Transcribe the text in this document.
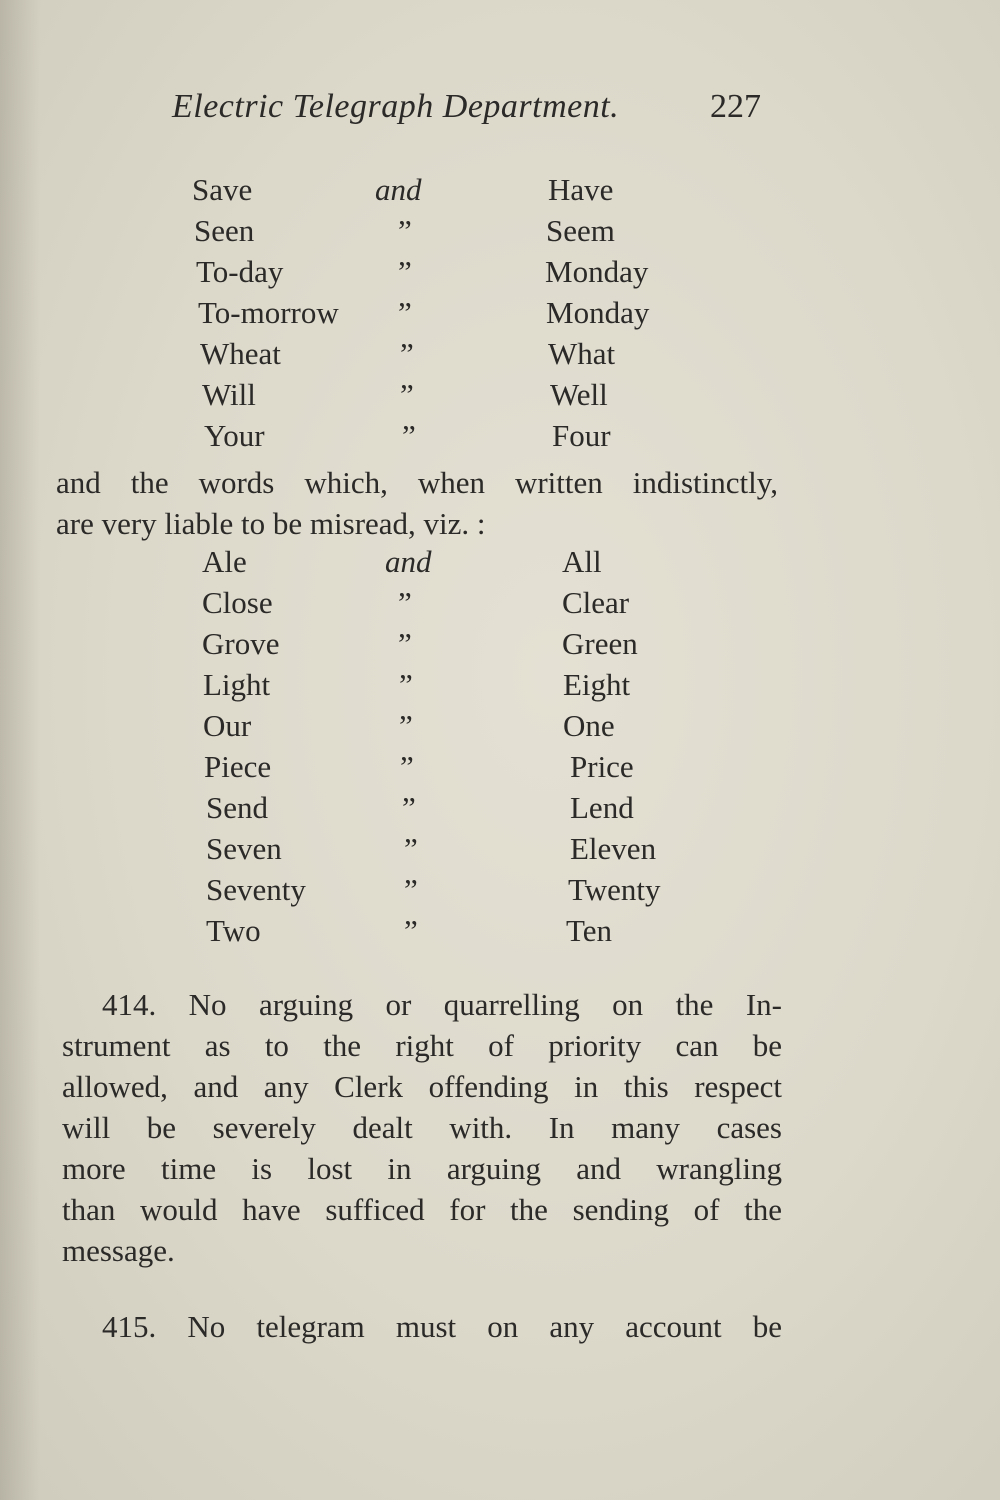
Electric Telegraph Department.	227
Save	and	Have
Seen	”	Seem
To-day	”	Monday
To-morrow ”	Monday
Wheat	”	What
Will	”	Well
Your	”	Four
and the words which, when written indistinctly,
are very liable to be misread, viz. :
Ale	and	All
Close	”	Clear
Grove	”	Green
Light	”	Eight
Our	”	One
Piece	”	Price
Send	”	Lend
Seven	”	Eleven
Seventy	”	Twenty
Two	”	Ten
414. No arguing or quarrelling on the In-
strument as to the right of priority can be
allowed, and any Clerk offending in this respect
will be severely dealt with. In many cases
more time is lost in arguing and wrangling
than would have sufficed for the sending of the
message.
415. No telegram must on any account be
